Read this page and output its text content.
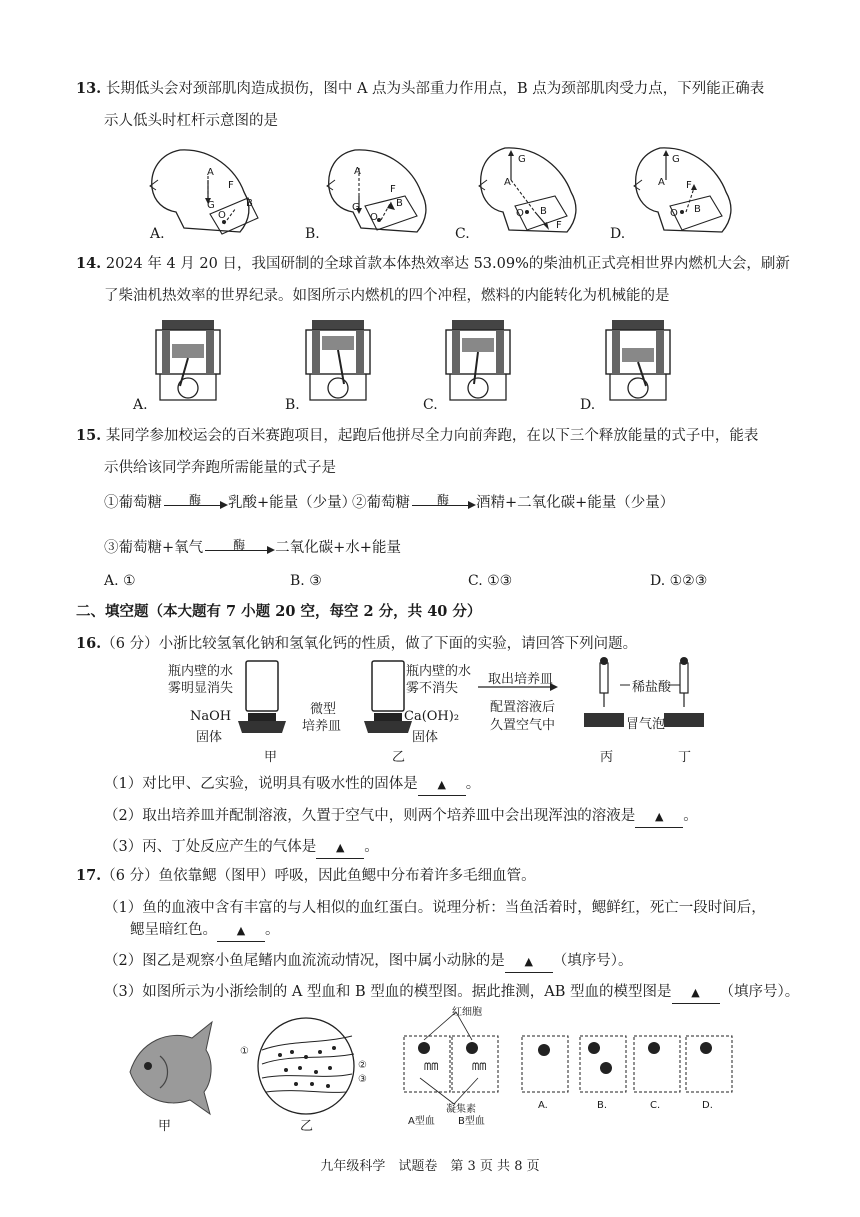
13. 长期低头会对颈部肌肉造成损伤，图中 A 点为头部重力作用点，B 点为颈部肌肉受力点，下列能正确表
示人低头时杠杆示意图的是
A
F
G
O
B
A
F
G
O
B
G
A
O B
F
G
A F
O B
A.	B.	C.	D.
14. 2024 年 4 月 20 日，我国研制的全球首款本体热效率达 53.09%的柴油机正式亮相世界内燃机大会，刷新
了柴油机热效率的世界纪录。如图所示内燃机的四个冲程，燃料的内能转化为机械能的是
A.	B.	C.	D.
15. 某同学参加校运会的百米赛跑项目，起跑后他拼尽全力向前奔跑，在以下三个释放能量的式子中，能表
示供给该同学奔跑所需能量的式子是
①葡萄糖	酶	乳酸+能量（少量）
②葡萄糖	酶	酒精+二氧化碳+能量（少量）
③葡萄糖+氧气	酶	二氧化碳+水+能量
A. ①	B. ③	C. ①③	D. ①②③
二、填空题（本大题有 7 小题 20 空，每空 2 分，共 40 分）
16.（6 分）小浙比较氢氧化钠和氢氧化钙的性质，做了下面的实验，请回答下列问题。
瓶内壁的水
雾明显消失
NaOH
固体
微型
培养皿
瓶内壁的水
雾不消失
Ca(OH)₂
固体
取出培养皿
配置溶液后
久置空气中
稀盐酸
冒气泡
甲	乙	丙	丁
（1）对比甲、乙实验，说明具有吸水性的固体是 ▲ 。
（2）取出培养皿并配制溶液，久置于空气中，则两个培养皿中会出现浑浊的溶液是 ▲ 。
（3）丙、丁处反应产生的气体是 ▲ 。
17.（6 分）鱼依靠鳃（图甲）呼吸，因此鱼鳃中分布着许多毛细血管。
（1）鱼的血液中含有丰富的与人相似的血红蛋白。说理分析：当鱼活着时，鳃鲜红，死亡一段时间后，
鳃呈暗红色。 ▲ 。
（2）图乙是观察小鱼尾鳍内血流流动情况，图中属小动脉的是 ▲ （填序号）。
（3）如图所示为小浙绘制的 A 型血和 B 型血的模型图。据此推测，AB 型血的模型图是 ▲ （填序号）。
红细胞
凝集素
A型血 B型血
ᗰᗰ	ᗰᗰ
①
②
③
A.	B.	C.	D.
甲	乙
九年级科学　试题卷　第 3 页 共 8 页
